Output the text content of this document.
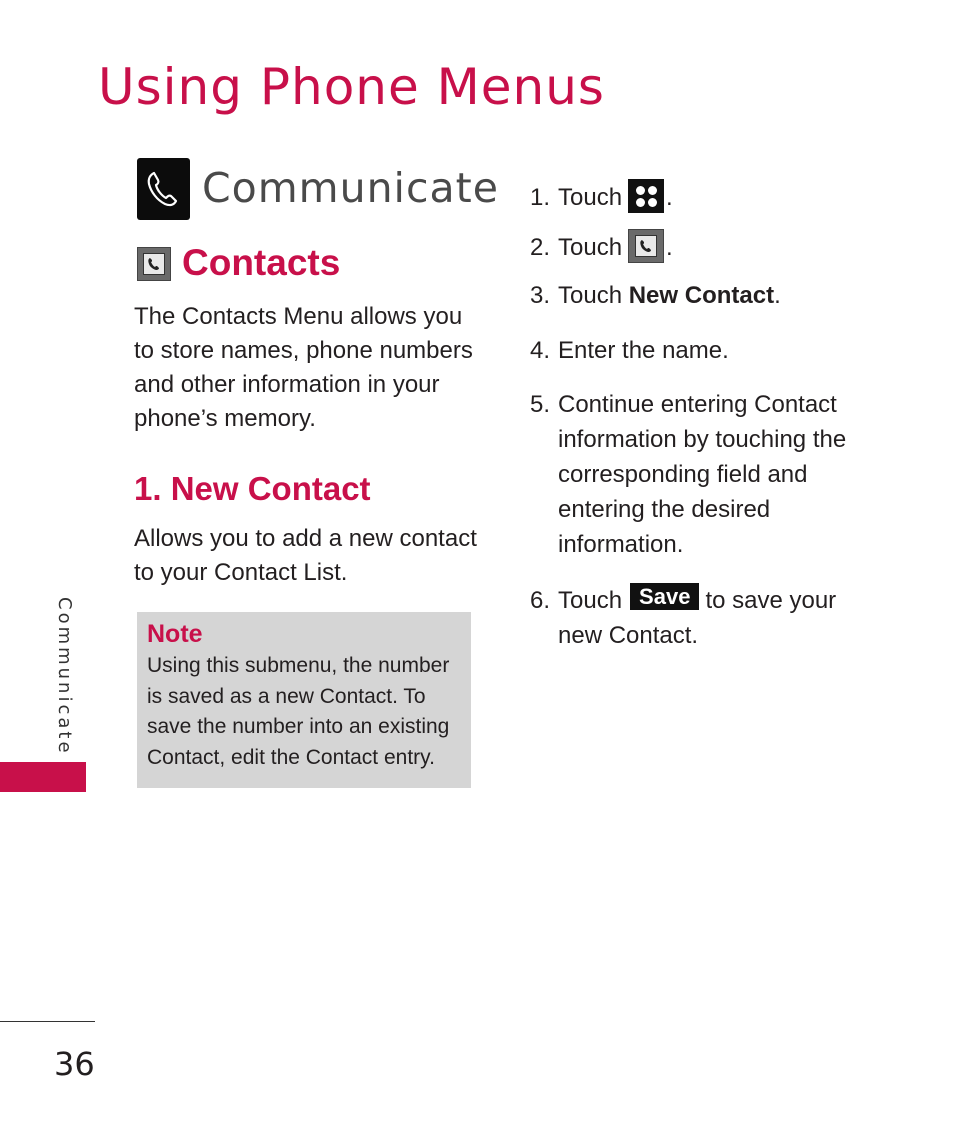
Using Phone Menus
Communicate
Contacts

The Contacts Menu allows you to store names, phone numbers and other information in your phone’s memory.

1. New Contact

Allows you to add a new contact to your Contact List.

Note

Using this submenu, the number is saved as a new Contact. To save the number into an existing Contact, edit the Contact entry.

1. Touch .
2. Touch .
3. Touch New Contact.
4. Enter the name.
5. Continue entering Contact
information by touching the
corresponding field and
entering the desired
information.
6. Touch Save to save your
new Contact.
Communicate
36
